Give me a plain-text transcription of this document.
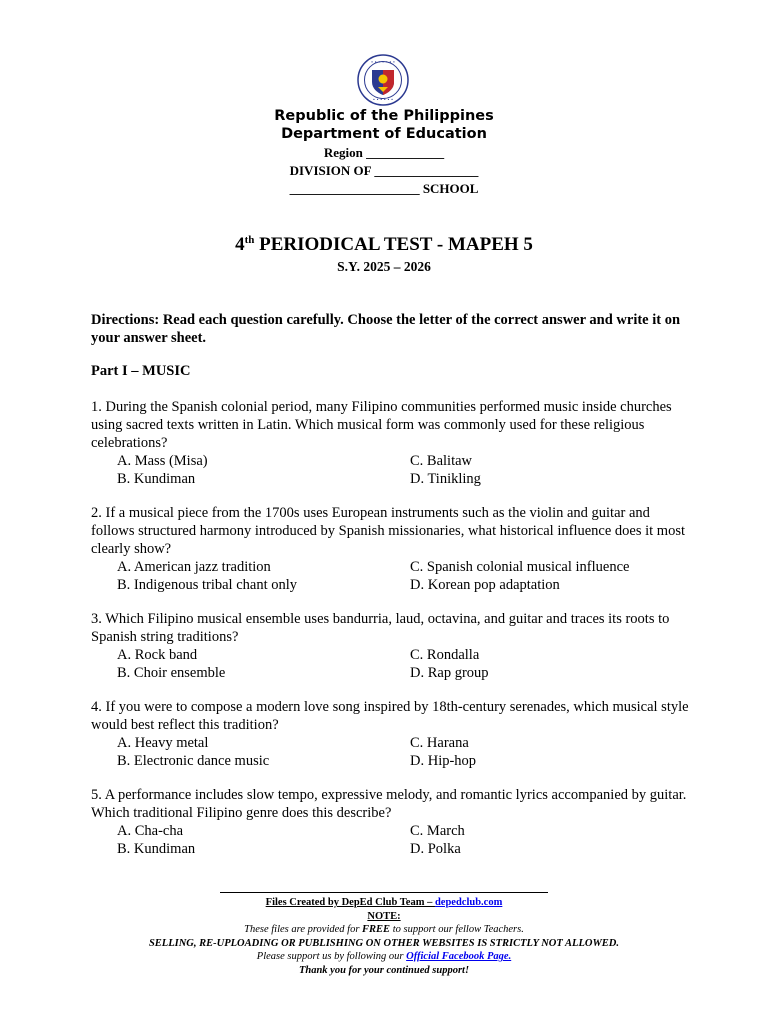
• • • • • • •
• • • • • •
Republic of the Philippines
Department of Education
Region ____________
DIVISION OF ________________
____________________ SCHOOL
4th PERIODICAL TEST - MAPEH 5
S.Y. 2025 – 2026
Directions: Read each question carefully. Choose the letter of the correct answer and write it on your answer sheet.
Part I – MUSIC

1. During the Spanish colonial period, many Filipino communities performed music inside churches using sacred texts written in Latin. Which musical form was commonly used for these religious celebrations?

A. Mass (Misa)	C. Balitaw
B. Kundiman	D. Tinikling

2. If a musical piece from the 1700s uses European instruments such as the violin and guitar and follows structured harmony introduced by Spanish missionaries, what historical influence does it most clearly show?

A. American jazz tradition	C. Spanish colonial musical influence
B. Indigenous tribal chant only	D. Korean pop adaptation

3. Which Filipino musical ensemble uses bandurria, laud, octavina, and guitar and traces its roots to Spanish string traditions?

A. Rock band	C. Rondalla
B. Choir ensemble	D. Rap group

4. If you were to compose a modern love song inspired by 18th-century serenades, which musical style would best reflect this tradition?

A. Heavy metal	C. Harana
B. Electronic dance music	D. Hip-hop

5. A performance includes slow tempo, expressive melody, and romantic lyrics accompanied by guitar. Which traditional Filipino genre does this describe?

A. Cha-cha	C. March
B. Kundiman	D. Polka
Files Created by DepEd Club Team – depedclub.com
NOTE:
These files are provided for FREE to support our fellow Teachers.
SELLING, RE-UPLOADING OR PUBLISHING ON OTHER WEBSITES IS STRICTLY NOT ALLOWED.
Please support us by following our Official Facebook Page.
Thank you for your continued support!
